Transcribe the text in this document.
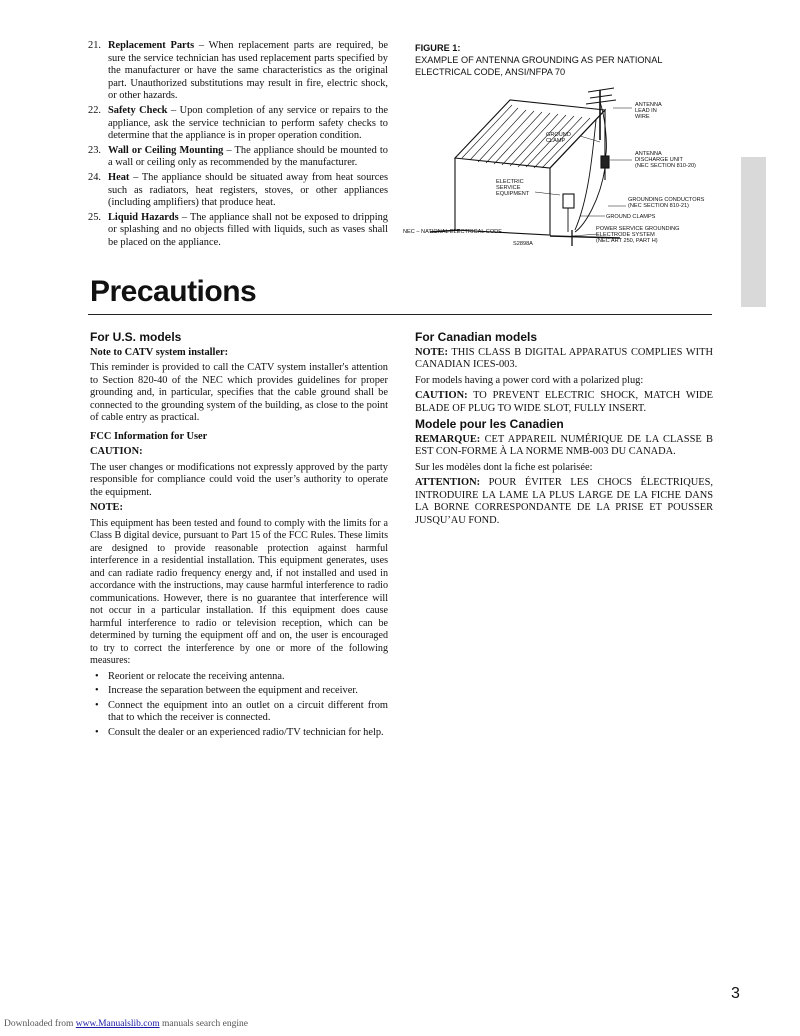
21. Replacement Parts – When replacement parts are required, be sure the service technician has used replacement parts specified by the manufacturer or have the same characteristics as the original part. Unauthorized substitutions may result in fire, electric shock, or other hazards.
22. Safety Check – Upon completion of any service or repairs to the appliance, ask the service technician to perform safety checks to determine that the appliance is in proper operation condition.
23. Wall or Ceiling Mounting – The appliance should be mounted to a wall or ceiling only as recommended by the manufacturer.
24. Heat – The appliance should be situated away from heat sources such as radiators, heat registers, stoves, or other appliances (including amplifiers) that produce heat.
25. Liquid Hazards – The appliance shall not be exposed to dripping or splashing and no objects filled with liquids, such as vases shall be placed on the appliance.
FIGURE 1:
EXAMPLE OF ANTENNA GROUNDING AS PER NATIONAL ELECTRICAL CODE, ANSI/NFPA 70
ANTENNA
LEAD IN
WIRE
GROUND
CLAMP
ANTENNA
DISCHARGE UNIT
(NEC SECTION 810-20)
ELECTRIC
SERVICE
EQUIPMENT
GROUNDING CONDUCTORS
(NEC SECTION 810-21)
GROUND CLAMPS
NEC – NATIONAL ELECTRICAL CODE	POWER SERVICE GROUNDING
ELECTRODE SYSTEM
(NEC ART 250, PART H)
S2898A
Precautions
For U.S. models
Note to CATV system installer:

This reminder is provided to call the CATV system installer's attention to Section 820-40 of the NEC which provides guidelines for proper grounding and, in particular, specifies that the cable ground shall be connected to the grounding system of the building, as close to the point of cable entry as practical.

FCC Information for User
CAUTION:

The user changes or modifications not expressly approved by the party responsible for compliance could void the user’s authority to operate the equipment.

NOTE:

This equipment has been tested and found to comply with the limits for a Class B digital device, pursuant to Part 15 of the FCC Rules. These limits are designed to provide reasonable protection against harmful interference in a residential installation. This equipment generates, uses and can radiate radio frequency energy and, if not installed and used in accordance with the instructions, may cause harmful interference to radio communications. However, there is no guarantee that interference will not occur in a particular installation. If this equipment does cause harmful interference to radio or television reception, which can be determined by turning the equipment off and on, the user is encouraged to try to correct the interference by one or more of the following measures:

• Reorient or relocate the receiving antenna.
• Increase the separation between the equipment and receiver.
• Connect the equipment into an outlet on a circuit different from that to which the receiver is connected.
• Consult the dealer or an experienced radio/TV technician for help.
For Canadian models

NOTE: THIS CLASS B DIGITAL APPARATUS COMPLIES WITH CANADIAN ICES-003.

For models having a power cord with a polarized plug:

CAUTION: TO PREVENT ELECTRIC SHOCK, MATCH WIDE BLADE OF PLUG TO WIDE SLOT, FULLY INSERT.

Modele pour les Canadien

REMARQUE: CET APPAREIL NUMÉRIQUE DE LA CLASSE B EST CON-FORME À LA NORME NMB-003 DU CANADA.

Sur les modèles dont la fiche est polarisée:

ATTENTION: POUR ÉVITER LES CHOCS ÉLECTRIQUES, INTRODUIRE LA LAME LA PLUS LARGE DE LA FICHE DANS LA BORNE CORRESPONDANTE DE LA PRISE ET POUSSER JUSQU’AU FOND.

3
Downloaded from www.Manualslib.com manuals search engine
